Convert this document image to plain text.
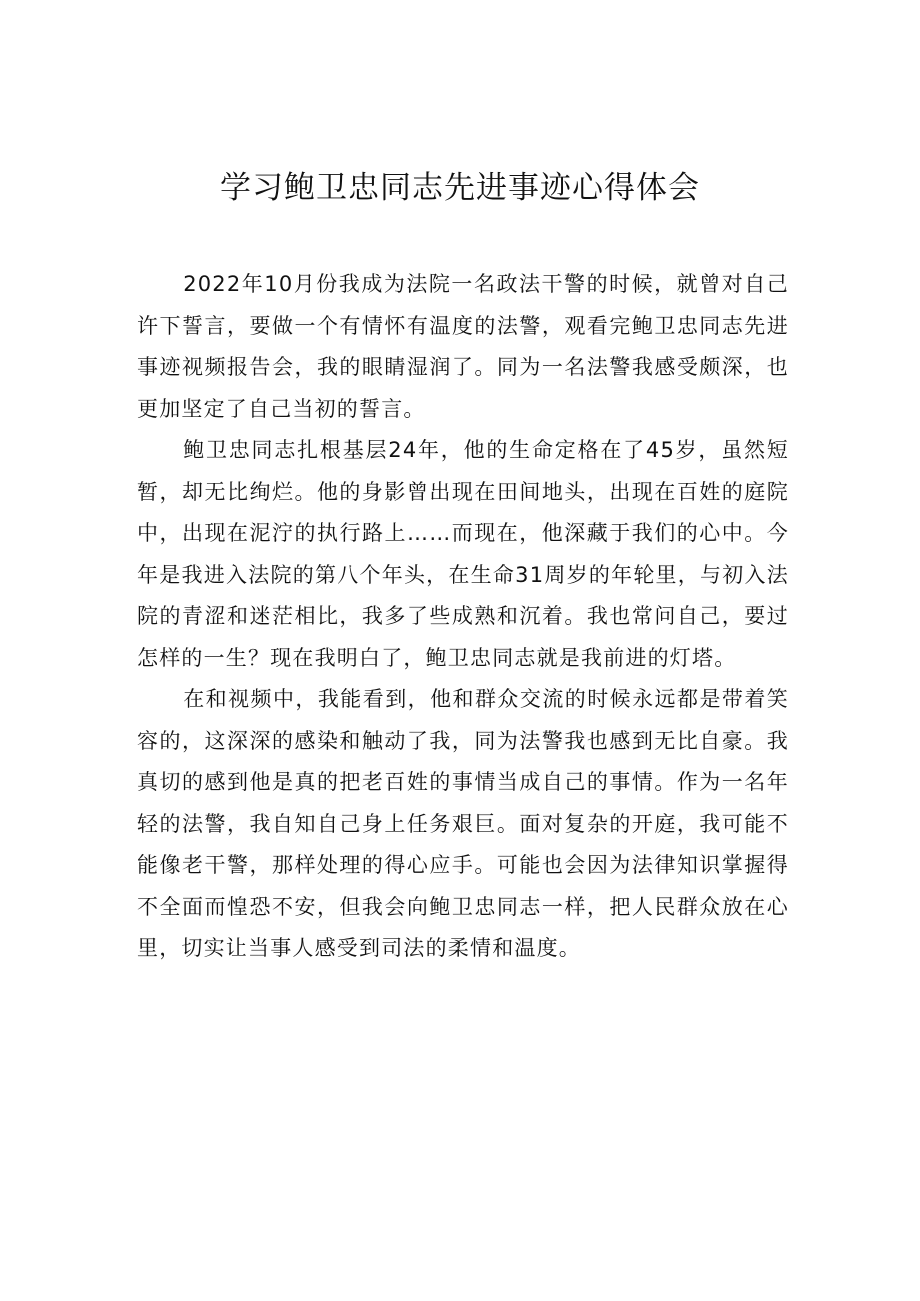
学习鲍卫忠同志先进事迹心得体会

2022年10月份我成为法院一名政法干警的时候，就曾对自己许下誓言，要做一个有情怀有温度的法警，观看完鲍卫忠同志先进事迹视频报告会，我的眼睛湿润了。同为一名法警我感受颇深，也更加坚定了自己当初的誓言。

鲍卫忠同志扎根基层24年，他的生命定格在了45岁，虽然短暂，却无比绚烂。他的身影曾出现在田间地头，出现在百姓的庭院中，出现在泥泞的执行路上……而现在，他深藏于我们的心中。今年是我进入法院的第八个年头，在生命31周岁的年轮里，与初入法院的青涩和迷茫相比，我多了些成熟和沉着。我也常问自己，要过怎样的一生？现在我明白了，鲍卫忠同志就是我前进的灯塔。

在和视频中，我能看到，他和群众交流的时候永远都是带着笑容的，这深深的感染和触动了我，同为法警我也感到无比自豪。我真切的感到他是真的把老百姓的事情当成自己的事情。作为一名年轻的法警，我自知自己身上任务艰巨。面对复杂的开庭，我可能不能像老干警，那样处理的得心应手。可能也会因为法律知识掌握得不全面而惶恐不安，但我会向鲍卫忠同志一样，把人民群众放在心里，切实让当事人感受到司法的柔情和温度。
